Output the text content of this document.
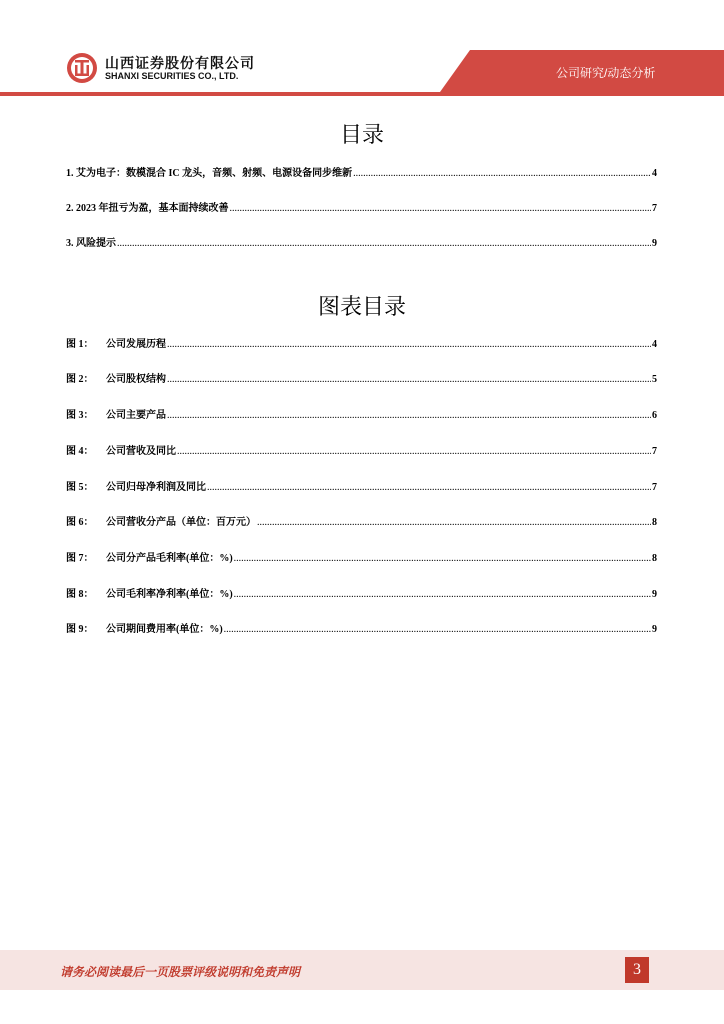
山西证券股份有限公司
SHANXI SECURITIES CO., LTD.	公司研究/动态分析
目录
1. 艾为电子：数模混合 IC 龙头，音频、射频、电源设备同步维新 .....	4
2. 2023 年扭亏为盈，基本面持续改善 .....	7
3. 风险提示 .....	9
图表目录
图 1：	公司发展历程 .....	4
图 2：	公司股权结构 .....	5
图 3：	公司主要产品 .....	6
图 4：	公司营收及同比 .....	7
图 5：	公司归母净利润及同比 .....	7
图 6：	公司营收分产品（单位：百万元） .....	8
图 7：	公司分产品毛利率(单位：%) .....	8
图 8：	公司毛利率净利率(单位：%) .....	9
图 9：	公司期间费用率(单位：%) .....	9
请务必阅读最后一页股票评级说明和免责声明	3
